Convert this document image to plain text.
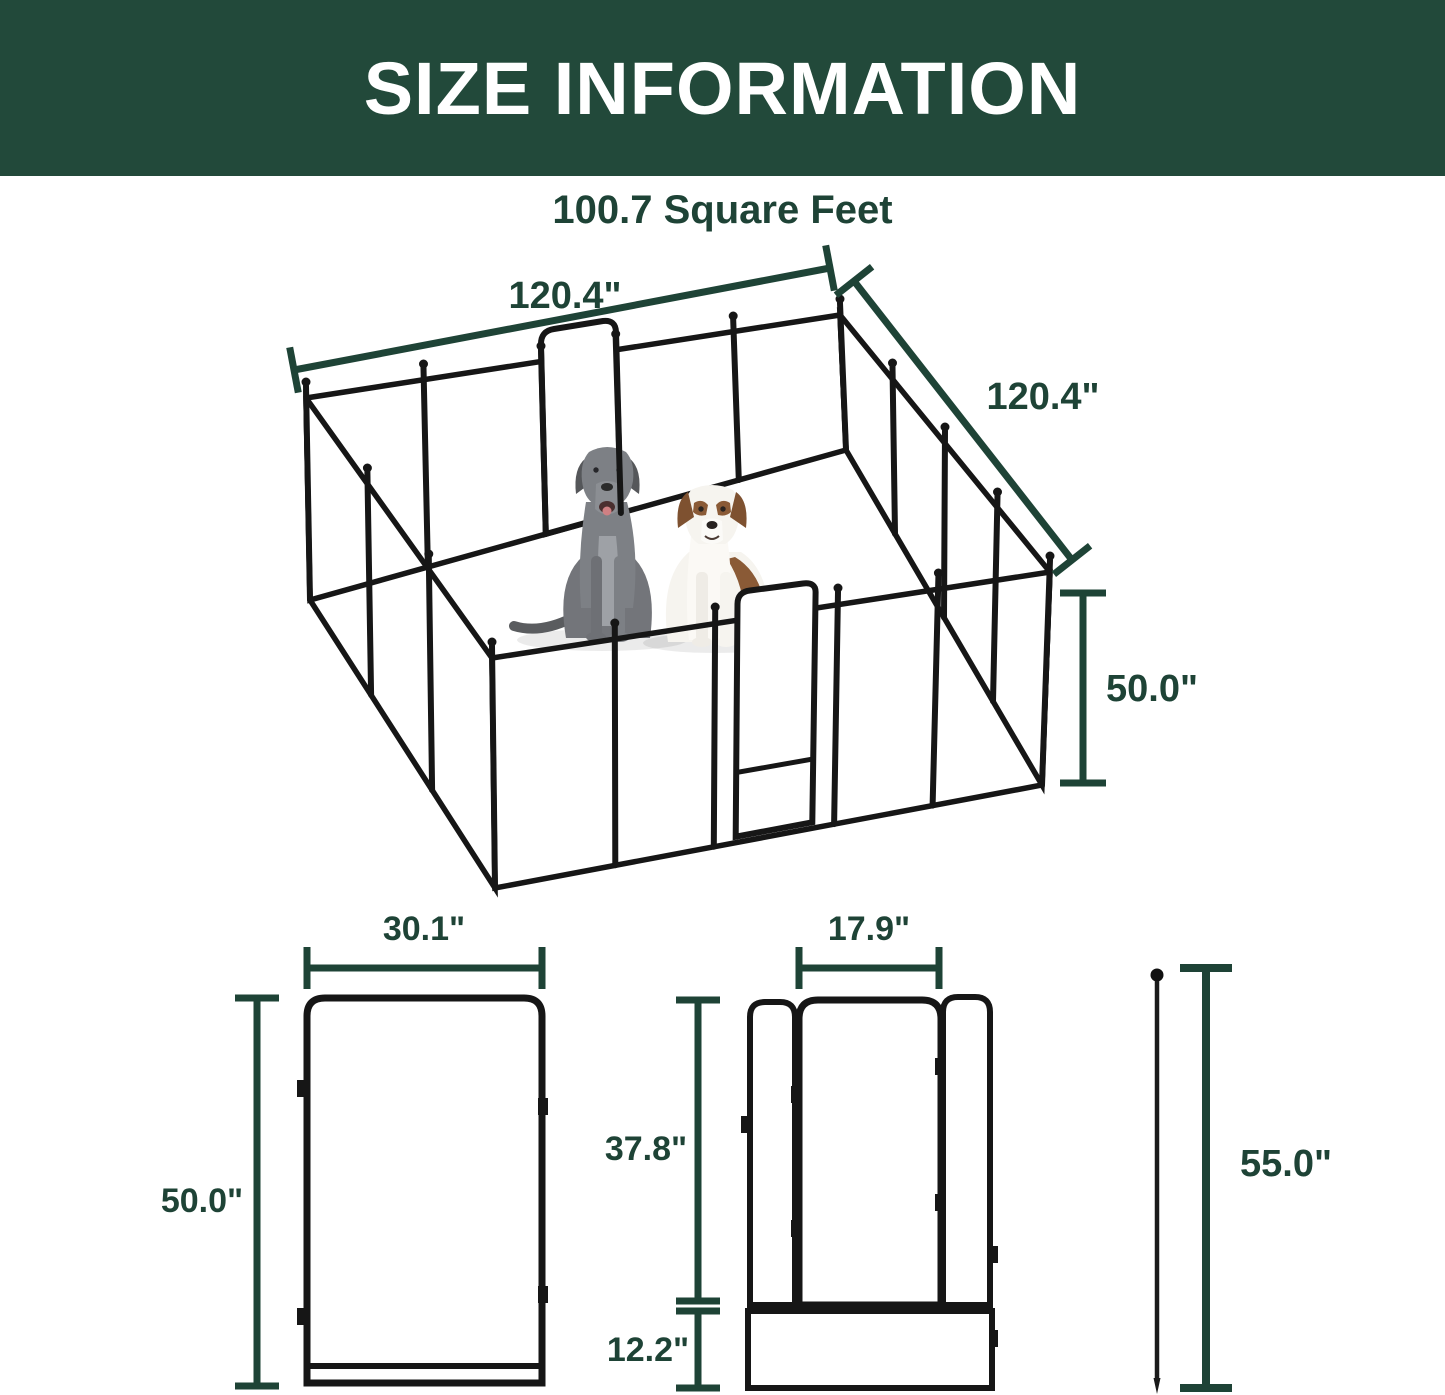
SIZE INFORMATION
100.7 Square Feet
120.4"
120.4"
50.0"
30.1"
50.0"
17.9"
37.8"
12.2"
55.0"
